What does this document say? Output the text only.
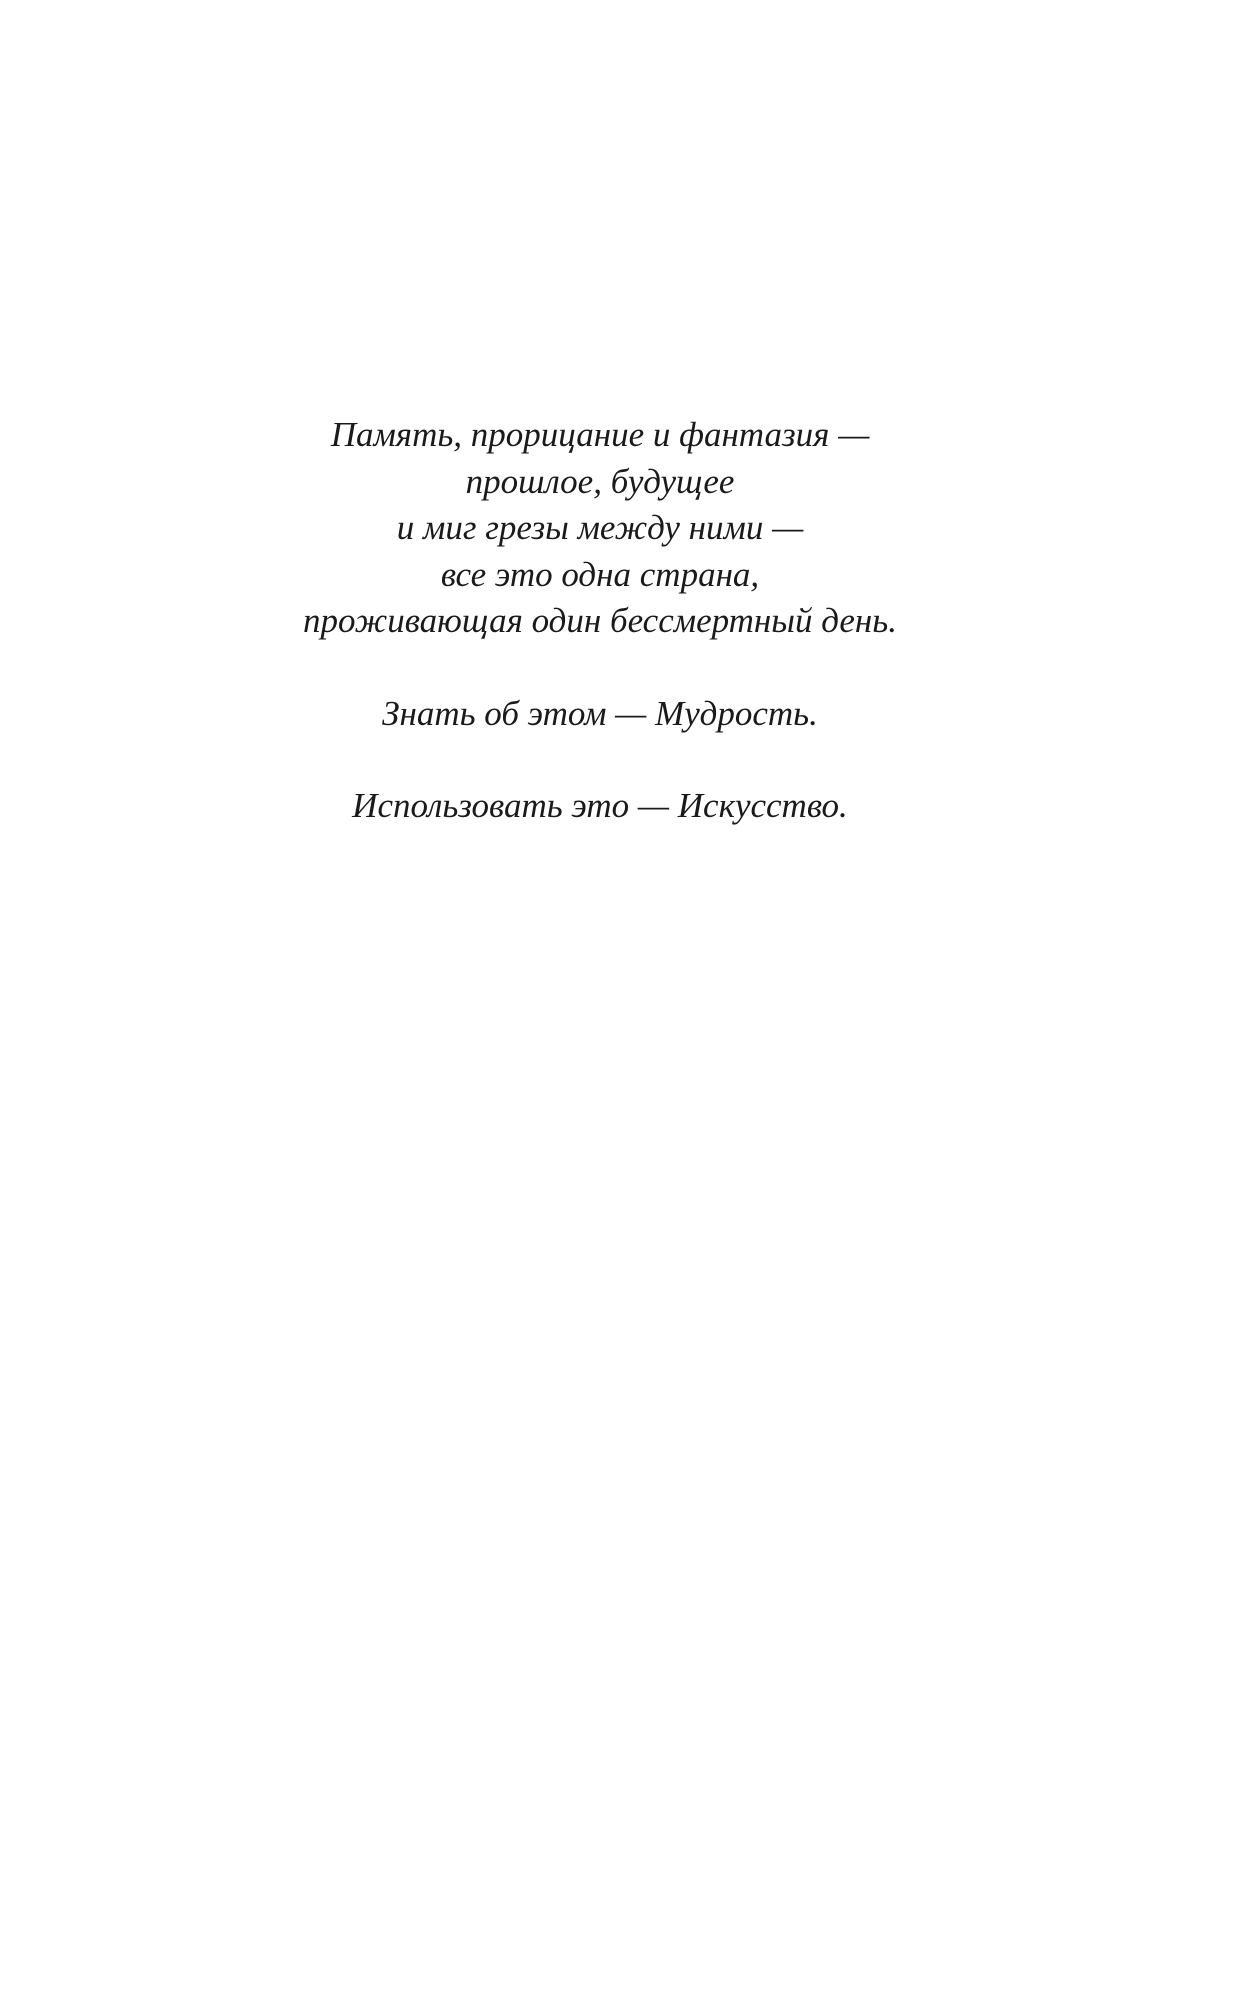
Память, прорицание и фантазия —
прошлое, будущее
и миг грезы между ними —
все это одна страна,
проживающая один бессмертный день.

Знать об этом — Мудрость.

Использовать это — Искусство.
